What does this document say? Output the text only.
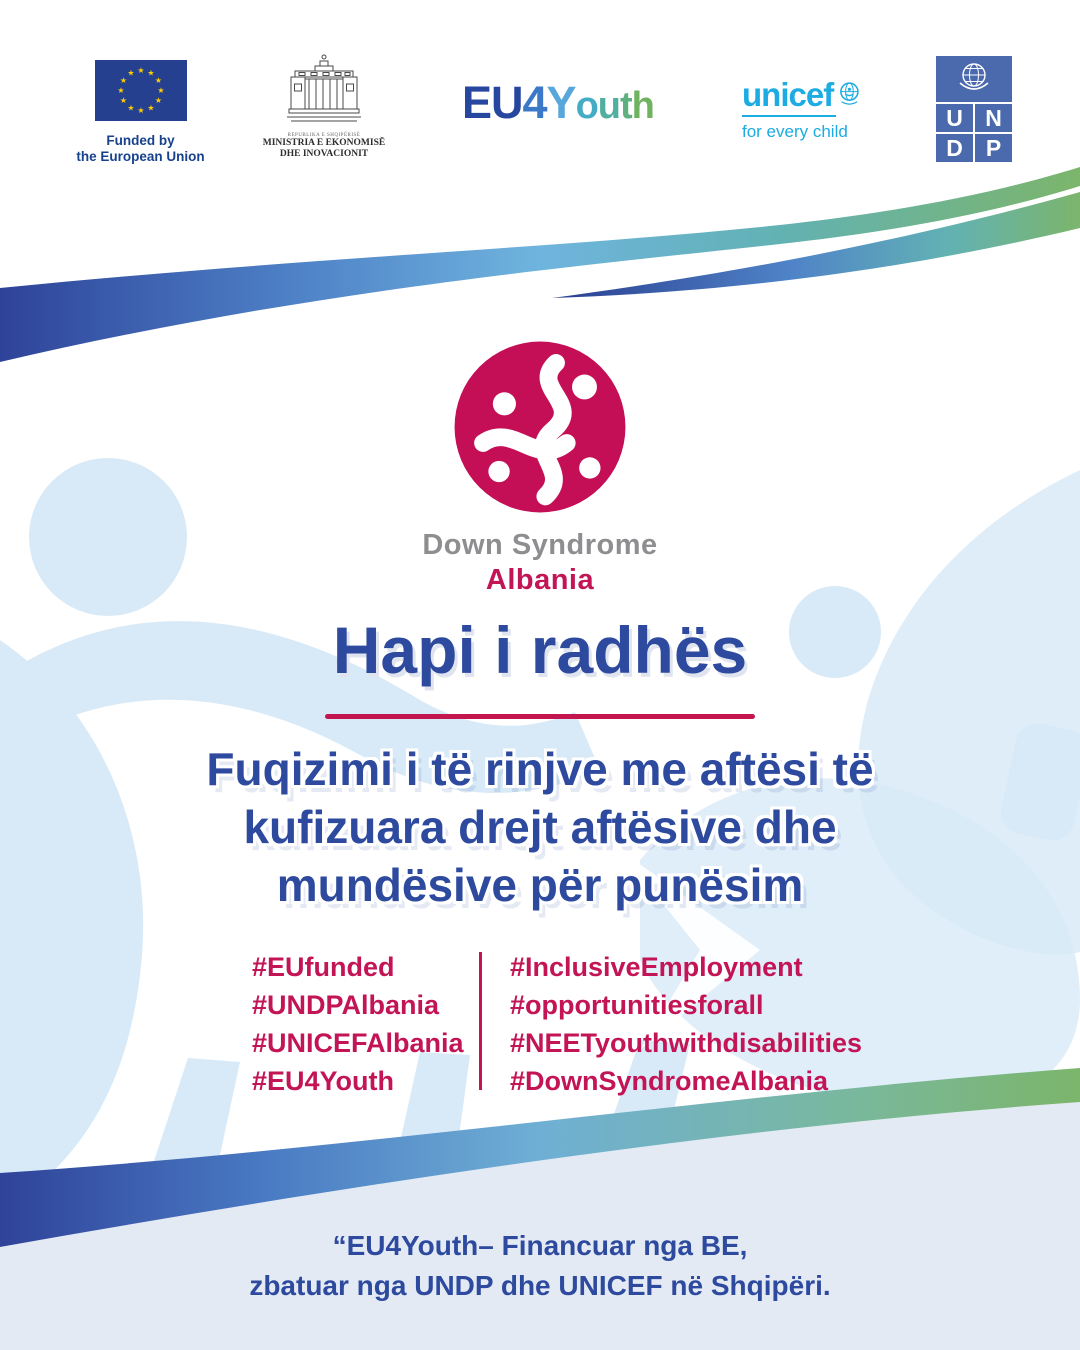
★ ★
★
★
★
★
★
★
★
★
★
★
Funded by
the European Union
REPUBLIKA E SHQIPËRISË
MINISTRIA E EKONOMISË
DHE INOVACIONIT
EU4Youth	unicef
for every child
U N
D	P
Down Syndrome
Albania
Hapi i radhës
Fuqizimi i të rinjve me aftësi të
kufizuara drejt aftësive dhe
mundësive për punësim
#EUfunded
#UNDPAlbania
#UNICEFAlbania
#EU4Youth
#InclusiveEmployment
#opportunitiesforall
#NEETyouthwithdisabilities
#DownSyndromeAlbania
“EU4Youth– Financuar nga BE,
zbatuar nga UNDP dhe UNICEF në Shqipëri.
